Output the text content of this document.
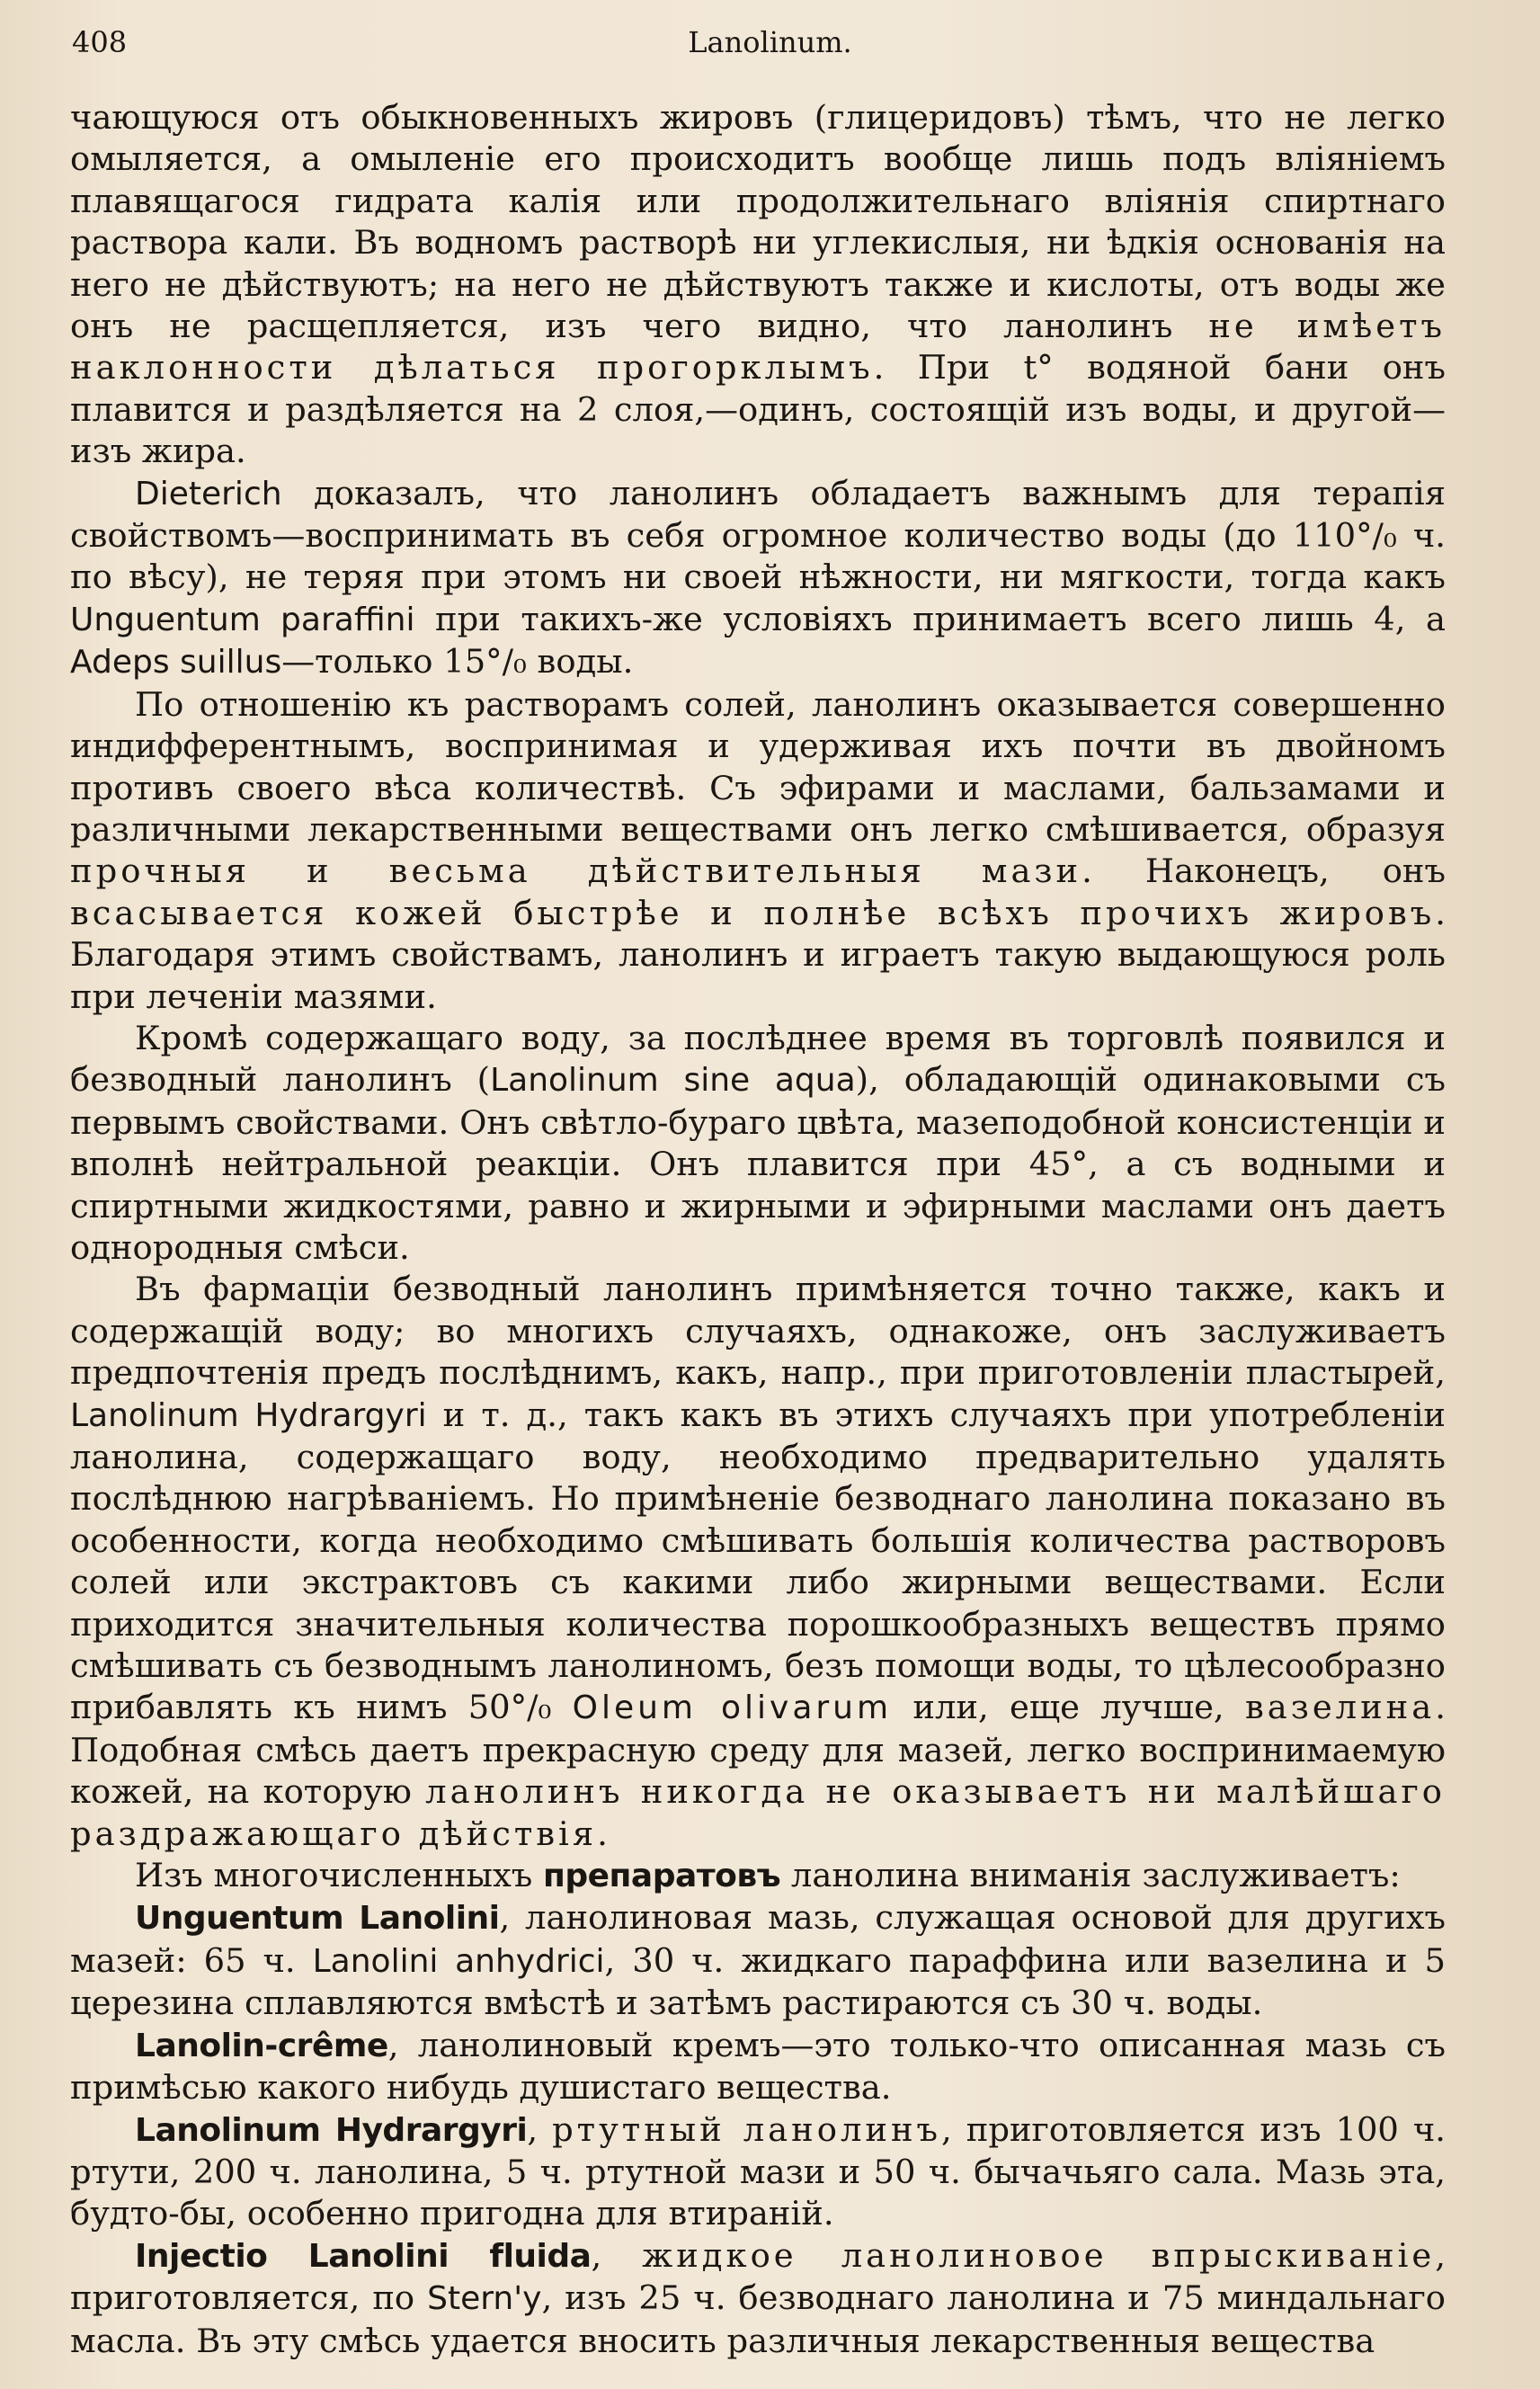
408	Lanolinum.

чающуюся отъ обыкновенныхъ жировъ (глицеридовъ) тѣмъ, что не легко омыляется, а омыленіе его происходитъ вообще лишь подъ вліяніемъ плавящагося гидрата калія или продолжительнаго вліянія спиртнаго раствора кали. Въ водномъ растворѣ ни углекислыя, ни ѣдкія основанія на него не дѣйствуютъ; на него не дѣйствуютъ также и кислоты, отъ воды же онъ не расщепляется, изъ чего видно, что ланолинъ не имѣетъ наклонности дѣлаться прогорклымъ. При t° водяной бани онъ плавится и раздѣляется на 2 слоя,—одинъ, состоящій изъ воды, и другой—изъ жира.

Dieterich доказалъ, что ланолинъ обладаетъ важнымъ для терапія свойствомъ—воспринимать въ себя огромное количество воды (до 110°/₀ ч. по вѣсу), не теряя при этомъ ни своей нѣжности, ни мягкости, тогда какъ Unguentum paraffini при такихъ-же условіяхъ принимаетъ всего лишь 4, а Adeps suillus—только 15°/₀ воды.

По отношенію къ растворамъ солей, ланолинъ оказывается совершенно индифферентнымъ, воспринимая и удерживая ихъ почти въ двойномъ противъ своего вѣса количествѣ. Съ эфирами и маслами, бальзамами и различными лекарственными веществами онъ легко смѣшивается, образуя прочныя и весьма дѣйствительныя мази. Наконецъ, онъ всасывается кожей быстрѣе и полнѣе всѣхъ прочихъ жировъ. Благодаря этимъ свойствамъ, ланолинъ и играетъ такую выдающуюся роль при леченіи мазями.

Кромѣ содержащаго воду, за послѣднее время въ торговлѣ появился и безводный ланолинъ (Lanolinum sine aqua), обладающій одинаковыми съ первымъ свойствами. Онъ свѣтло-бураго цвѣта, мазеподобной консистенціи и вполнѣ нейтральной реакціи. Онъ плавится при 45°, а съ водными и спиртными жидкостями, равно и жирными и эфирными маслами онъ даетъ однородныя смѣси.

Въ фармаціи безводный ланолинъ примѣняется точно также, какъ и содержащій воду; во многихъ случаяхъ, однакоже, онъ заслуживаетъ предпочтенія предъ послѣднимъ, какъ, напр., при приготовленіи пластырей, Lanolinum Hydrargyri и т. д., такъ какъ въ этихъ случаяхъ при употребленіи ланолина, содержащаго воду, необходимо предварительно удалять послѣднюю нагрѣваніемъ. Но примѣненіе безводнаго ланолина показано въ особенности, когда необходимо смѣшивать большія количества растворовъ солей или экстрактовъ съ какими либо жирными веществами. Если приходится значительныя количества порошкообразныхъ веществъ прямо смѣшивать съ безводнымъ ланолиномъ, безъ помощи воды, то цѣлесообразно прибавлять къ нимъ 50°/₀ Oleum olivarum или, еще лучше, вазелина. Подобная смѣсь даетъ прекрасную среду для мазей, легко воспринимаемую кожей, на которую ланолинъ никогда не оказываетъ ни малѣйшаго раздражающаго дѣйствія.

Изъ многочисленныхъ препаратовъ ланолина вниманія заслуживаетъ:

Unguentum Lanolini, ланолиновая мазь, служащая основой для другихъ мазей: 65 ч. Lanolini anhydrici, 30 ч. жидкаго параффина или вазелина и 5 церезина сплавляются вмѣстѣ и затѣмъ растираются съ 30 ч. воды.

Lanolin-crême, ланолиновый кремъ—это только-что описанная мазь съ примѣсью какого нибудь душистаго вещества.

Lanolinum Hydrargyri, ртутный ланолинъ, приготовляется изъ 100 ч. ртути, 200 ч. ланолина, 5 ч. ртутной мази и 50 ч. бычачьяго сала. Мазь эта, будто-бы, особенно пригодна для втираній.

Injectio Lanolini fluida, жидкое ланолиновое впрыскиваніе, приготовляется, по Stern'y, изъ 25 ч. безводнаго ланолина и 75 миндальнаго масла. Въ эту смѣсь удается вносить различныя лекарственныя вещества
